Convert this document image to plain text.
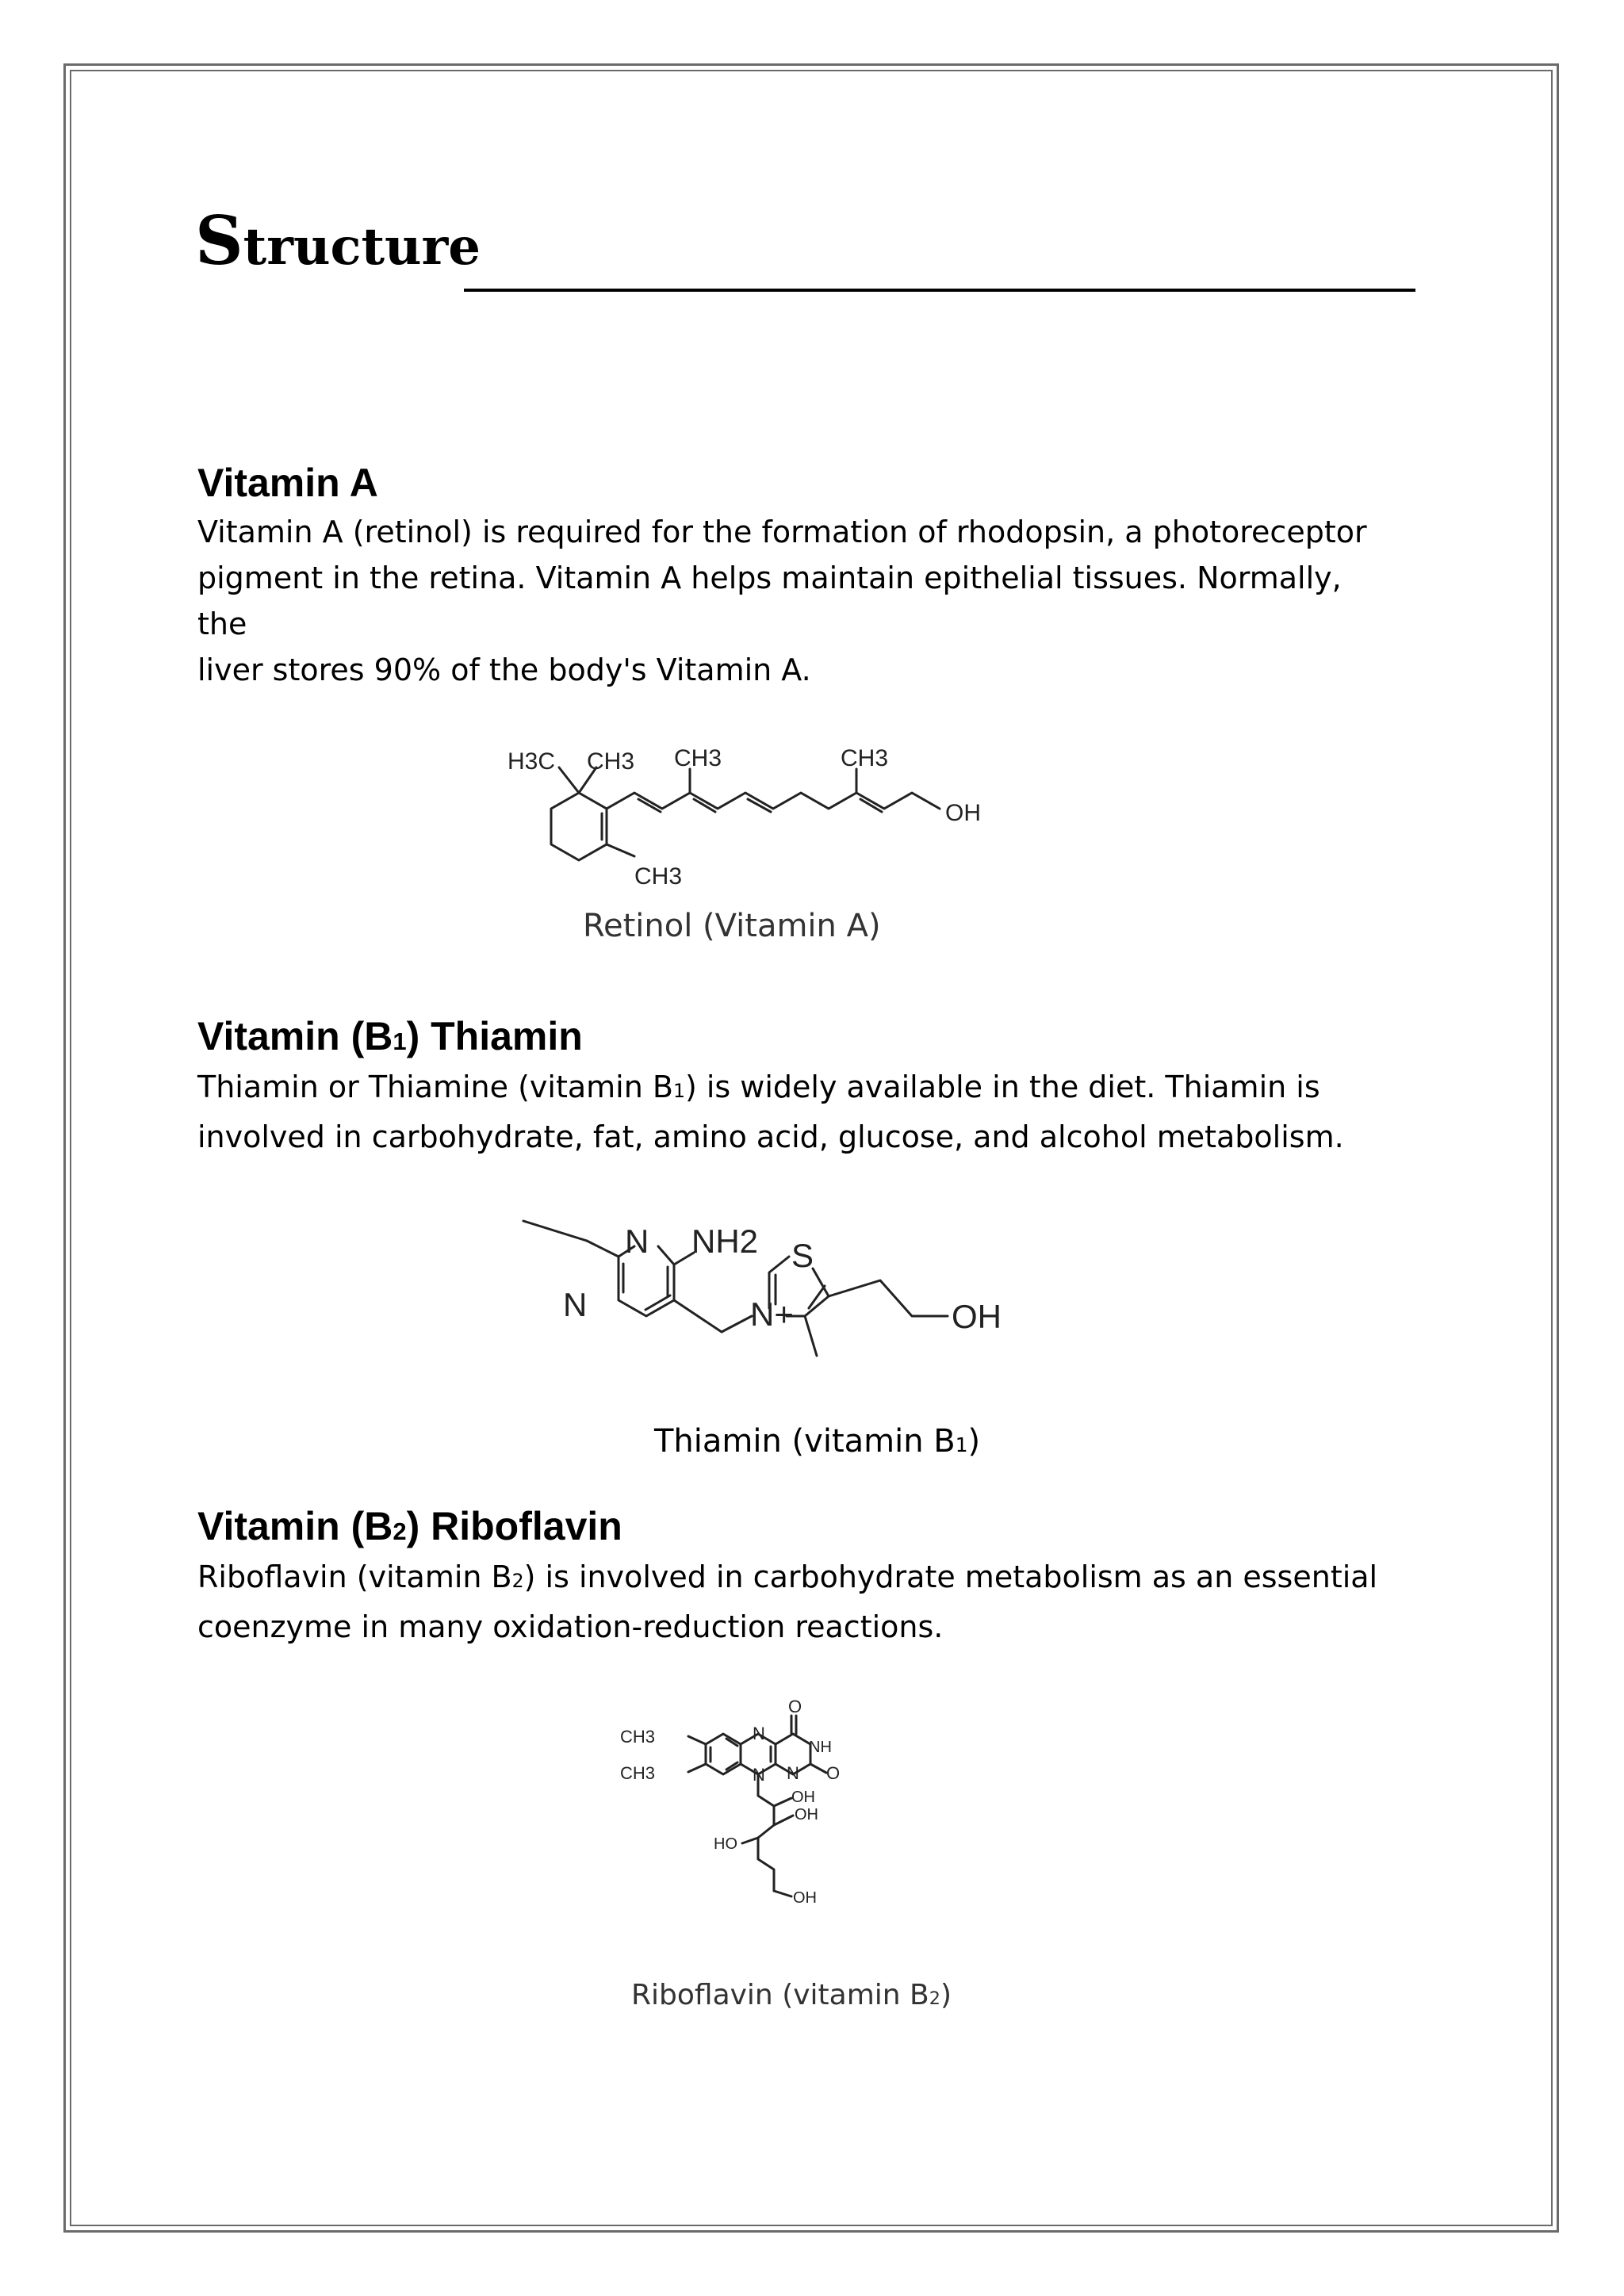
Structure
Vitamin A
Vitamin A (retinol) is required for the formation of rhodopsin, a photoreceptor
pigment in the retina. Vitamin A helps maintain epithelial tissues. Normally,
the
liver stores 90% of the body's Vitamin A.
H3C CH3 CH3	CH3
CH3
OH
Retinol (Vitamin A)
Vitamin (B1) Thiamin
Thiamin or Thiamine (vitamin B1) is widely available in the diet. Thiamin is
involved in carbohydrate, fat, amino acid, glucose, and alcohol metabolism.
N
N
NH2 S
N+	OH
Thiamin (vitamin B1)
Vitamin (B2) Riboflavin
Riboflavin (vitamin B2) is involved in carbohydrate metabolism as an essential
coenzyme in many oxidation-reduction reactions.
CH3
CH3
N
N
N
NH
O
O
OH
OH
HO
OH
Riboflavin (vitamin B2)
